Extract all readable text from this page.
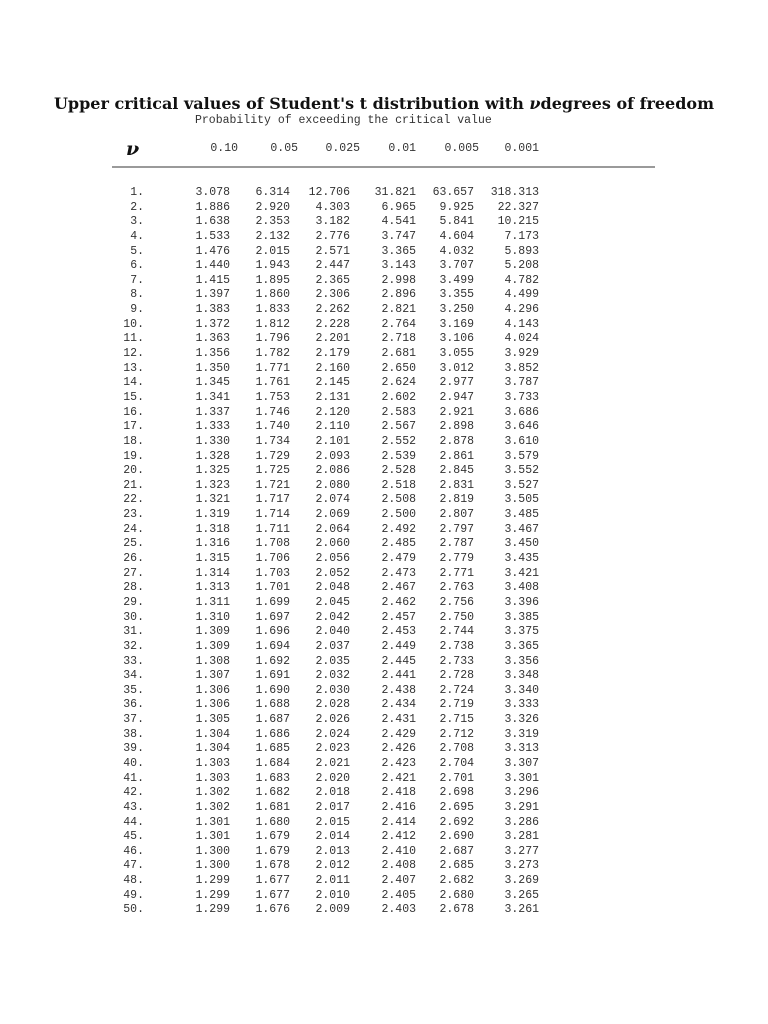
Upper critical values of Student's t distribution with νdegrees of freedom
Probability of exceeding the critical value
ν	0.10	0.05	0.025	0.01	0.005	0.001
1.	3.078	6.314	12.706	31.821	63.657	318.313
2.	1.886	2.920	4.303	6.965	9.925	22.327
3.	1.638	2.353	3.182	4.541	5.841	10.215
4.	1.533	2.132	2.776	3.747	4.604	7.173
5.	1.476	2.015	2.571	3.365	4.032	5.893
6.	1.440	1.943	2.447	3.143	3.707	5.208
7.	1.415	1.895	2.365	2.998	3.499	4.782
8.	1.397	1.860	2.306	2.896	3.355	4.499
9.	1.383	1.833	2.262	2.821	3.250	4.296
10.	1.372	1.812	2.228	2.764	3.169	4.143
11.	1.363	1.796	2.201	2.718	3.106	4.024
12.	1.356	1.782	2.179	2.681	3.055	3.929
13.	1.350	1.771	2.160	2.650	3.012	3.852
14.	1.345	1.761	2.145	2.624	2.977	3.787
15.	1.341	1.753	2.131	2.602	2.947	3.733
16.	1.337	1.746	2.120	2.583	2.921	3.686
17.	1.333	1.740	2.110	2.567	2.898	3.646
18.	1.330	1.734	2.101	2.552	2.878	3.610
19.	1.328	1.729	2.093	2.539	2.861	3.579
20.	1.325	1.725	2.086	2.528	2.845	3.552
21.	1.323	1.721	2.080	2.518	2.831	3.527
22.	1.321	1.717	2.074	2.508	2.819	3.505
23.	1.319	1.714	2.069	2.500	2.807	3.485
24.	1.318	1.711	2.064	2.492	2.797	3.467
25.	1.316	1.708	2.060	2.485	2.787	3.450
26.	1.315	1.706	2.056	2.479	2.779	3.435
27.	1.314	1.703	2.052	2.473	2.771	3.421
28.	1.313	1.701	2.048	2.467	2.763	3.408
29.	1.311	1.699	2.045	2.462	2.756	3.396
30.	1.310	1.697	2.042	2.457	2.750	3.385
31.	1.309	1.696	2.040	2.453	2.744	3.375
32.	1.309	1.694	2.037	2.449	2.738	3.365
33.	1.308	1.692	2.035	2.445	2.733	3.356
34.	1.307	1.691	2.032	2.441	2.728	3.348
35.	1.306	1.690	2.030	2.438	2.724	3.340
36.	1.306	1.688	2.028	2.434	2.719	3.333
37.	1.305	1.687	2.026	2.431	2.715	3.326
38.	1.304	1.686	2.024	2.429	2.712	3.319
39.	1.304	1.685	2.023	2.426	2.708	3.313
40.	1.303	1.684	2.021	2.423	2.704	3.307
41.	1.303	1.683	2.020	2.421	2.701	3.301
42.	1.302	1.682	2.018	2.418	2.698	3.296
43.	1.302	1.681	2.017	2.416	2.695	3.291
44.	1.301	1.680	2.015	2.414	2.692	3.286
45.	1.301	1.679	2.014	2.412	2.690	3.281
46.	1.300	1.679	2.013	2.410	2.687	3.277
47.	1.300	1.678	2.012	2.408	2.685	3.273
48.	1.299	1.677	2.011	2.407	2.682	3.269
49.	1.299	1.677	2.010	2.405	2.680	3.265
50.	1.299	1.676	2.009	2.403	2.678	3.261
